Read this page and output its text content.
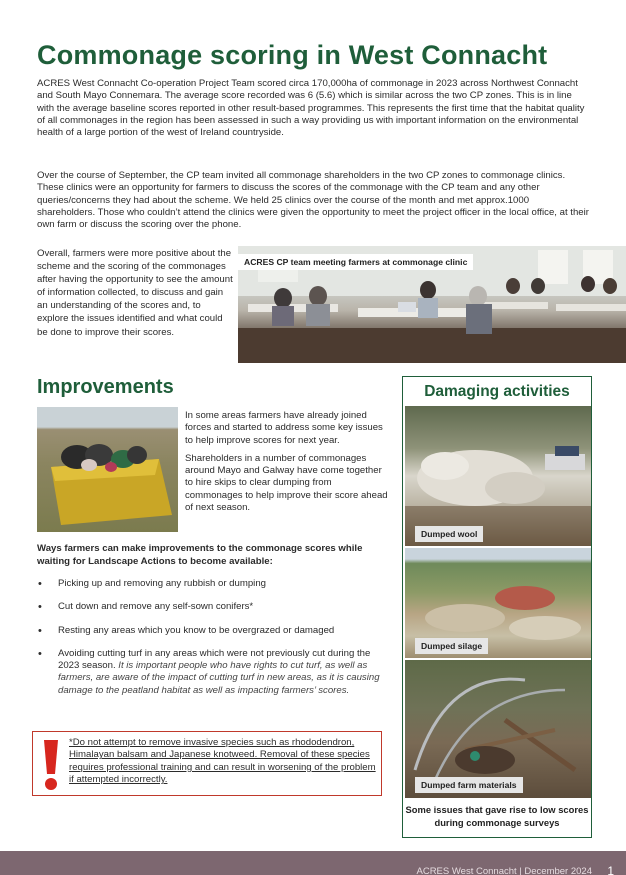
Commonage scoring in West Connacht

ACRES West Connacht Co-operation Project Team scored circa 170,000ha of commonage in 2023 across Northwest Connacht and South Mayo Connemara. The average score recorded was 6 (5.6) which is similar across the two CP zones. This is in line with the average baseline scores reported in other result-based programmes. This represents the first time that the habitat quality of all commonages in the region has been assessed in such a way providing us with important information on the environmental health of a large portion of the west of Ireland countryside.

Over the course of September, the CP team invited all commonage shareholders in the two CP zones to commonage clinics. These clinics were an opportunity for farmers to discuss the scores of the commonage with the CP team and any other queries/concerns they had about the scheme. We held 25 clinics over the course of the month and met approx.1000 shareholders. Those who couldn’t attend the clinics were given the opportunity to meet the project officer in the local office, at their own farm or discuss the scoring over the phone.

Overall, farmers were more positive about the scheme and the scoring of the commonages after having the opportunity to see the amount of information collected, to discuss and gain an understanding of the scores and, to explore the issues identified and what could be done to improve their scores.

ACRES CP team meeting farmers at commonage clinic
Improvements

In some areas farmers have already joined forces and started to address some key issues to help improve scores for next year.

Shareholders in a number of commonages around Mayo and Galway have come together to hire skips to clear dumping from commonages to help improve their score ahead of next season.

Ways farmers can make improvements to the commonage scores while waiting for Landscape Actions to become available:
• Picking up and removing any rubbish or dumping
• Cut down and remove any self-sown conifers*
• Resting any areas which you know to be overgrazed or damaged
• Avoiding cutting turf in any areas which were not previously cut during the 2023 season. It is important people who have rights to cut turf, as well as farmers, are aware of the impact of cutting turf in new areas, as it is causing damage to the peatland habitat as well as impacting farmers’ scores.
*Do not attempt to remove invasive species such as rhododendron, Himalayan balsam and Japanese knotweed. Removal of these species requires professional training and can result in worsening of the problem if attempted incorrectly.
Damaging activities
Dumped wool
Dumped silage
Dumped farm materials
Some issues that gave rise to low scores during commonage surveys
ACRES West Connacht | December 2024 1
